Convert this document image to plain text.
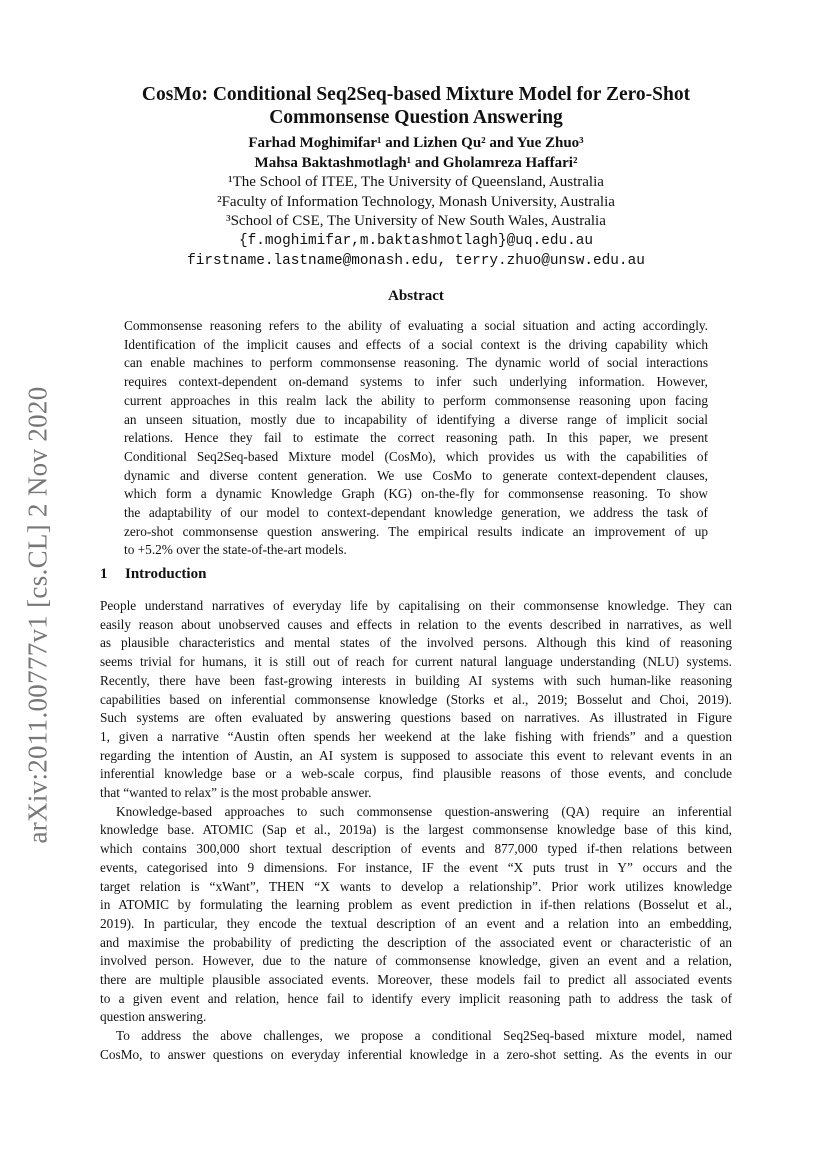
arXiv:2011.00777v1 [cs.CL] 2 Nov 2020
CosMo: Conditional Seq2Seq-based Mixture Model for Zero-Shot
Commonsense Question Answering
Farhad Moghimifar¹ and Lizhen Qu² and Yue Zhuo³
Mahsa Baktashmotlagh¹ and Gholamreza Haffari²
¹The School of ITEE, The University of Queensland, Australia
²Faculty of Information Technology, Monash University, Australia
³School of CSE, The University of New South Wales, Australia
{f.moghimifar,m.baktashmotlagh}@uq.edu.au
firstname.lastname@monash.edu, terry.zhuo@unsw.edu.au
Abstract
Commonsense reasoning refers to the ability of evaluating a social situation and acting accordingly.
Identification of the implicit causes and effects of a social context is the driving capability which
can enable machines to perform commonsense reasoning. The dynamic world of social interactions
requires context-dependent on-demand systems to infer such underlying information. However,
current approaches in this realm lack the ability to perform commonsense reasoning upon facing
an unseen situation, mostly due to incapability of identifying a diverse range of implicit social
relations. Hence they fail to estimate the correct reasoning path. In this paper, we present
Conditional Seq2Seq-based Mixture model (CosMo), which provides us with the capabilities of
dynamic and diverse content generation. We use CosMo to generate context-dependent clauses,
which form a dynamic Knowledge Graph (KG) on-the-fly for commonsense reasoning. To show
the adaptability of our model to context-dependant knowledge generation, we address the task of
zero-shot commonsense question answering. The empirical results indicate an improvement of up
to +5.2% over the state-of-the-art models.
1 Introduction
People understand narratives of everyday life by capitalising on their commonsense knowledge. They can
easily reason about unobserved causes and effects in relation to the events described in narratives, as well
as plausible characteristics and mental states of the involved persons. Although this kind of reasoning
seems trivial for humans, it is still out of reach for current natural language understanding (NLU) systems.
Recently, there have been fast-growing interests in building AI systems with such human-like reasoning
capabilities based on inferential commonsense knowledge (Storks et al., 2019; Bosselut and Choi, 2019).
Such systems are often evaluated by answering questions based on narratives. As illustrated in Figure
1, given a narrative “Austin often spends her weekend at the lake fishing with friends” and a question
regarding the intention of Austin, an AI system is supposed to associate this event to relevant events in an
inferential knowledge base or a web-scale corpus, find plausible reasons of those events, and conclude
that “wanted to relax” is the most probable answer.
Knowledge-based approaches to such commonsense question-answering (QA) require an inferential
knowledge base. ATOMIC (Sap et al., 2019a) is the largest commonsense knowledge base of this kind,
which contains 300,000 short textual description of events and 877,000 typed if-then relations between
events, categorised into 9 dimensions. For instance, IF the event “X puts trust in Y” occurs and the
target relation is “xWant”, THEN “X wants to develop a relationship”. Prior work utilizes knowledge
in ATOMIC by formulating the learning problem as event prediction in if-then relations (Bosselut et al.,
2019). In particular, they encode the textual description of an event and a relation into an embedding,
and maximise the probability of predicting the description of the associated event or characteristic of an
involved person. However, due to the nature of commonsense knowledge, given an event and a relation,
there are multiple plausible associated events. Moreover, these models fail to predict all associated events
to a given event and relation, hence fail to identify every implicit reasoning path to address the task of
question answering.
To address the above challenges, we propose a conditional Seq2Seq-based mixture model, named
CosMo, to answer questions on everyday inferential knowledge in a zero-shot setting. As the events in our
